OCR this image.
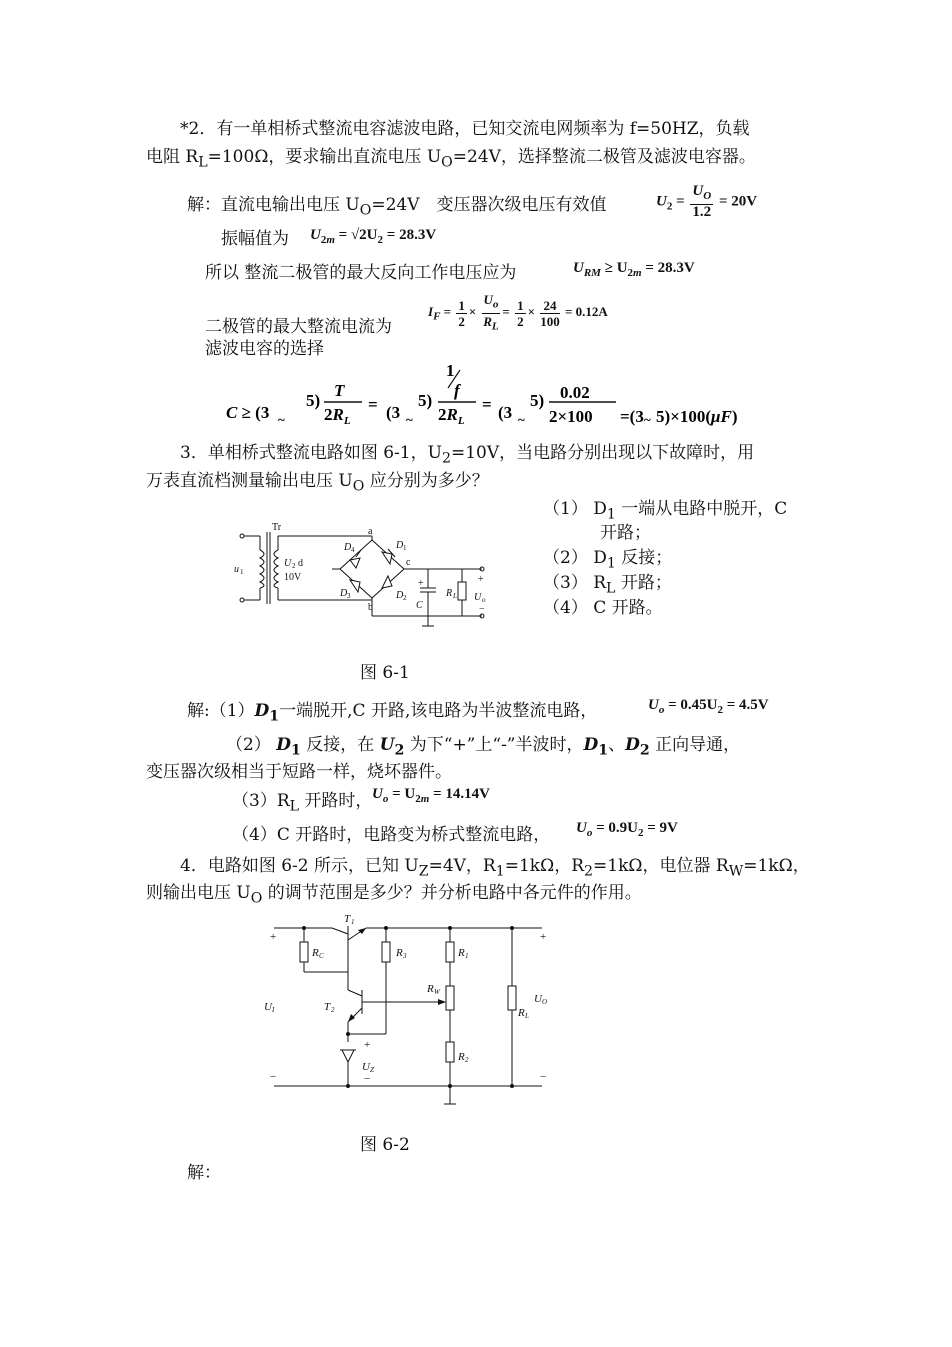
*2．有一单相桥式整流电容滤波电路，已知交流电网频率为 f=50HZ，负载
电阻 $R_L=100\Omega$，要求输出直流电压 $U_O=24V$，选择整流二极管及滤波电容器。
解：直流电输出电压 $U_O=24V$　变压器次级电压有效值	$U_2 = \frac{U_O}{1.2} = 20V$
振幅值为 $U_{2m} = √2U_2 = 28.3V$
所以 整流二极管的最大反向工作电压应为	$U_{RM} \ge U_{2m} = 28.3V$
$I_F = \frac{1}{2} \times \frac{U_o}{R_L} = \frac{1}{2} \times \frac{24}{100} = 0.12A$
二极管的最大整流电流为
滤波电容的选择
C ≥ (3 ~
5)
T
$2R_L$
= (3 ~
5)
1
f
$2R_L$
= (3 ~
5) 0.02
2×100 =(3 ~ 5)×100(μF)
3．单相桥式整流电路如图 6-1，$U_2=10V$，当电路分别出现以下故障时，用
万表直流档测量输出电压 $U_O$ 应分别为多少？
（1） $D_1$ 一端从电路中脱开，C
开路；
（2） $D_1$ 反接；
（3） $R_L$ 开路；
（4） C 开路。
Tr
u 1
U 2
10V
d
a
c
b
D 4	D 1
D 3	D 2
+
C
R L
+
U o
−
图 6-1
解$:(1)D_1$一端脱开,C 开路,该电路为半波整流电路，	$U_o = 0.45U_2 = 4.5V$
（2） $D_1$ 反接，在 $U_2$ 为下“+”上“-”半波时，$D_1$、$D_2$ 正向导通，
变压器次级相当于短路一样，烧坏器件。
$(3)R_L$ 开路时， $U_o = U_{2m} = 14.14V$
（4）C 开路时，电路变为桥式整流电路， $U_o = 0.9U_2 = 9V$
4．电路如图 6-2 所示，已知 $U_Z=4V$，$R_1=1k\Omega$，$R_2=1k\Omega$，电位器 $R_W=1k\Omega$，
则输出电压 $U_O$ 的调节范围是多少？并分析电路中各元件的作用。
+	+
−	−
T 1
R C	R 3	R 1
R W
R 2
U I	T 2
U O
R L
+
U Z
−
图 6-2
解：
